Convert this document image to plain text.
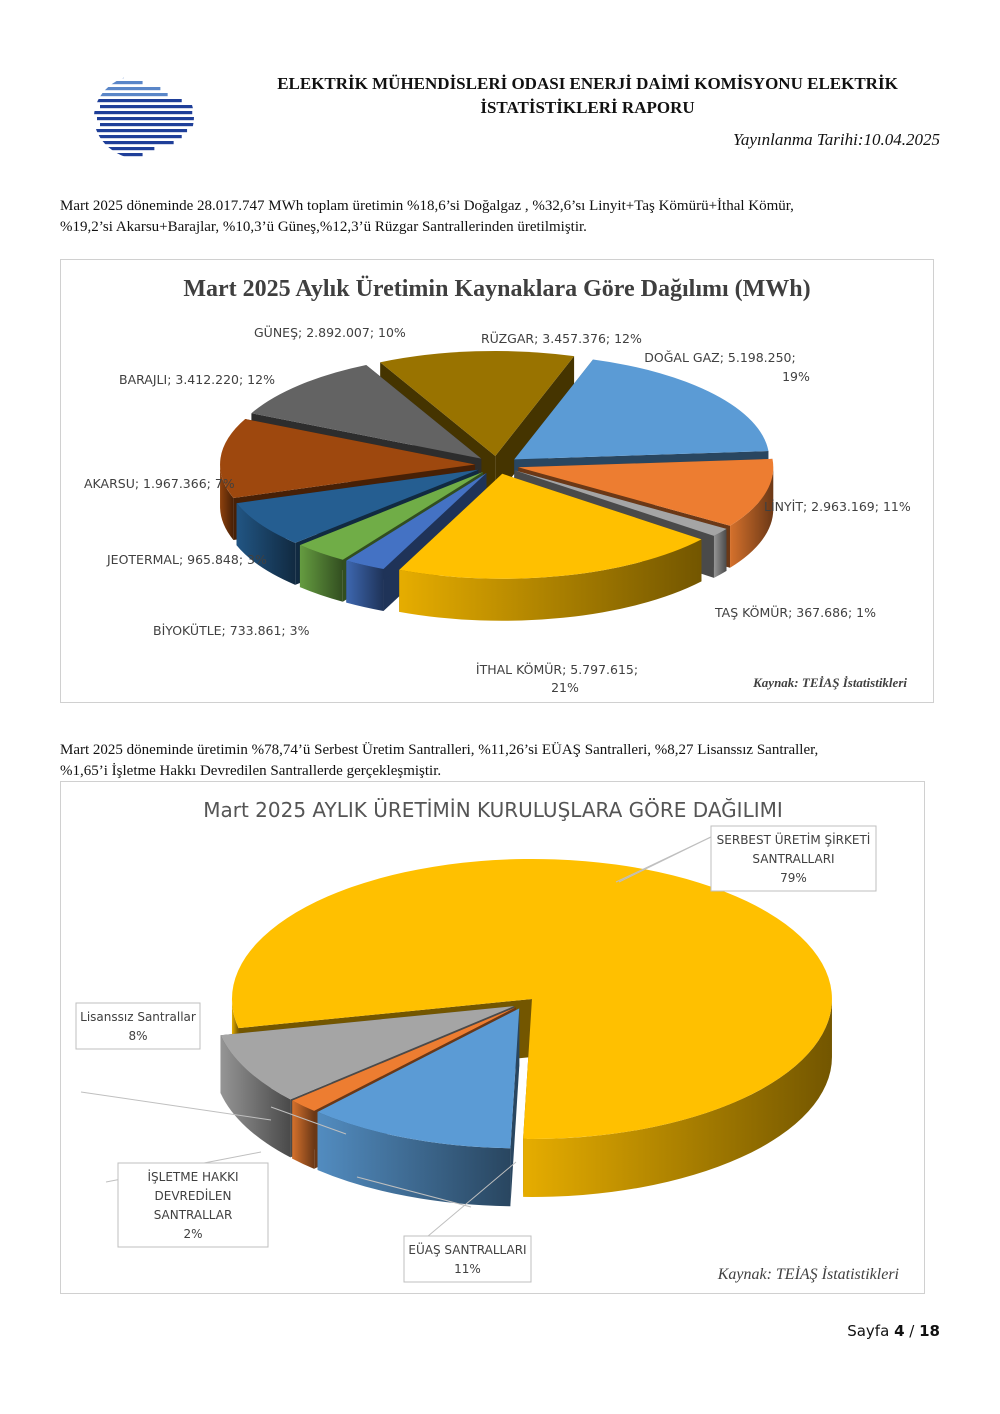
ELEKTRİK MÜHENDİSLERİ ODASI ENERJİ DAİMİ KOMİSYONU ELEKTRİK
İSTATİSTİKLERİ RAPORU
Yayınlanma Tarihi:10.04.2025
Mart 2025 döneminde 28.017.747 MWh toplam üretimin %18,6’si Doğalgaz , %32,6’sı Linyit+Taş Kömürü+İthal Kömür,
%19,2’si Akarsu+Barajlar, %10,3’ü Güneş,%12,3’ü Rüzgar Santrallerinden üretilmiştir.
Mart 2025 Aylık Üretimin Kaynaklara Göre Dağılımı (MWh)
DOĞAL GAZ; 5.198.250;
LİNYİT; 2.963.169; 11%
TAŞ KÖMÜR; 367.686; 1%
İTHAL KÖMÜR; 5.797.615;
BİYOKÜTLE; 733.861; 3%
JEOTERMAL; 965.848; 3%
AKARSU; 1.967.366; 7%
BARAJLI; 3.412.220; 12%
GÜNEŞ; 2.892.007; 10%	RÜZGAR; 3.457.376; 12%
19%
21%	Kaynak: TEİAŞ İstatistikleri
Mart 2025 döneminde üretimin %78,74’ü Serbest Üretim Santralleri, %11,26’si EÜAŞ Santralleri, %8,27 Lisanssız Santraller,
%1,65’i İşletme Hakkı Devredilen Santrallerde gerçekleşmiştir.
Mart 2025 AYLIK ÜRETİMİN KURULUŞLARA GÖRE DAĞILIMI
SERBEST ÜRETİM ŞİRKETİ
SANTRALLARI
79%
Lisanssız Santrallar
8%
İŞLETME HAKKI
DEVREDİLEN
SANTRALLAR
2%
EÜAŞ SANTRALLARI
11%	Kaynak: TEİAŞ İstatistikleri
Sayfa 4 / 18
